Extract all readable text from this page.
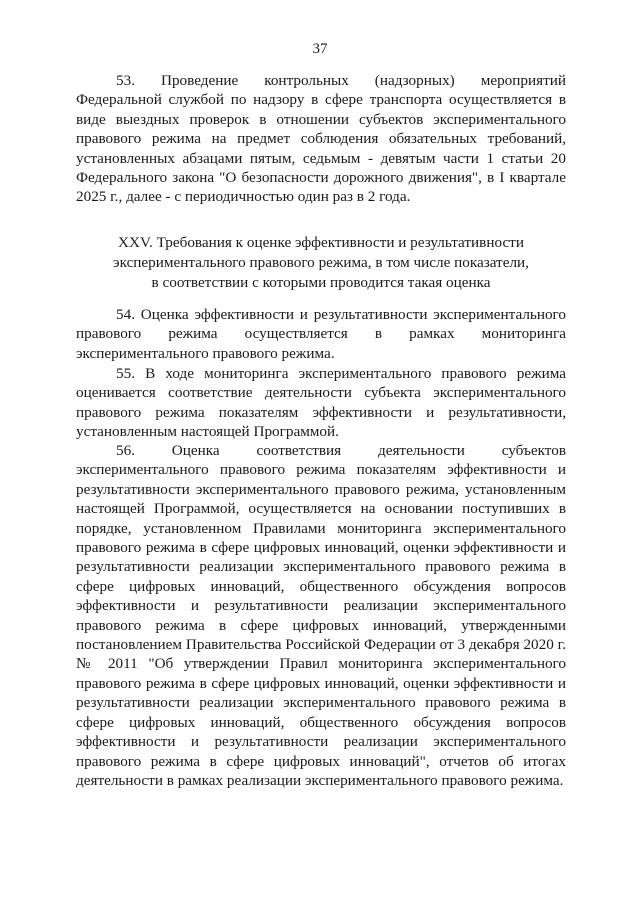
37

53. Проведение контрольных (надзорных) мероприятий Федеральной службой по надзору в сфере транспорта осуществляется в виде выездных проверок в отношении субъектов экспериментального правового режима на предмет соблюдения обязательных требований, установленных абзацами пятым, седьмым - девятым части 1 статьи 20 Федерального закона "О безопасности дорожного движения", в I квартале 2025 г., далее - с периодичностью один раз в 2 года.

XXV. Требования к оценке эффективности и результативности
экспериментального правового режима, в том числе показатели,
в соответствии с которыми проводится такая оценка

54. Оценка эффективности и результативности экспериментального правового режима осуществляется в рамках мониторинга экспериментального правового режима.

55. В ходе мониторинга экспериментального правового режима оценивается соответствие деятельности субъекта экспериментального правового режима показателям эффективности и результативности, установленным настоящей Программой.

56. Оценка соответствия деятельности субъектов экспериментального правового режима показателям эффективности и результативности экспериментального правового режима, установленным настоящей Программой, осуществляется на основании поступивших в порядке, установленном Правилами мониторинга экспериментального правового режима в сфере цифровых инноваций, оценки эффективности и результативности реализации экспериментального правового режима в сфере цифровых инноваций, общественного обсуждения вопросов эффективности и результативности реализации экспериментального правового режима в сфере цифровых инноваций, утвержденными постановлением Правительства Российской Федерации от 3 декабря 2020 г. № 2011 "Об утверждении Правил мониторинга экспериментального правового режима в сфере цифровых инноваций, оценки эффективности и результативности реализации экспериментального правового режима в сфере цифровых инноваций, общественного обсуждения вопросов эффективности и результативности реализации экспериментального правового режима в сфере цифровых инноваций", отчетов об итогах деятельности в рамках реализации экспериментального правового режима.
